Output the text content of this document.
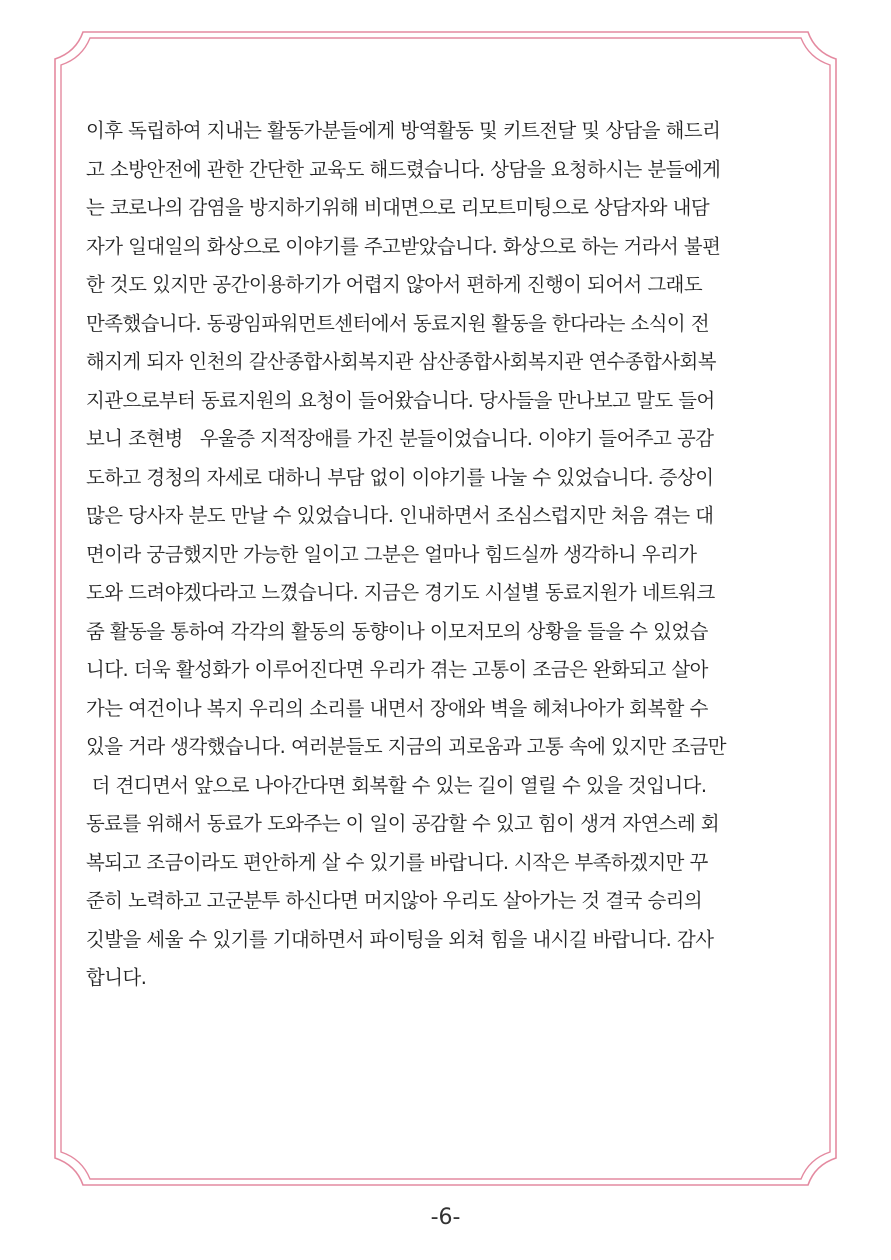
이후 독립하여 지내는 활동가분들에게 방역활동 및 키트전달 및 상담을 해드리
고 소방안전에 관한 간단한 교육도 해드렸습니다. 상담을 요청하시는 분들에게
는 코로나의 감염을 방지하기위해 비대면으로 리모트미팅으로 상담자와 내담
자가 일대일의 화상으로 이야기를 주고받았습니다. 화상으로 하는 거라서 불편
한 것도 있지만 공간이용하기가 어렵지 않아서 편하게 진행이 되어서 그래도
만족했습니다. 동광임파워먼트센터에서 동료지원 활동을 한다라는 소식이 전
해지게 되자 인천의 갈산종합사회복지관 삼산종합사회복지관 연수종합사회복
지관으로부터 동료지원의 요청이 들어왔습니다. 당사들을 만나보고 말도 들어
보니 조현병   우울증 지적장애를 가진 분들이었습니다. 이야기 들어주고 공감
도하고 경청의 자세로 대하니 부담 없이 이야기를 나눌 수 있었습니다. 증상이
많은 당사자 분도 만날 수 있었습니다. 인내하면서 조심스럽지만 처음 겪는 대
면이라 궁금했지만 가능한 일이고 그분은 얼마나 힘드실까 생각하니 우리가
도와 드려야겠다라고 느꼈습니다. 지금은 경기도 시설별 동료지원가 네트워크
줌 활동을 통하여 각각의 활동의 동향이나 이모저모의 상황을 들을 수 있었습
니다. 더욱 활성화가 이루어진다면 우리가 겪는 고통이 조금은 완화되고 살아
가는 여건이나 복지 우리의 소리를 내면서 장애와 벽을 헤쳐나아가 회복할 수
있을 거라 생각했습니다. 여러분들도 지금의 괴로움과 고통 속에 있지만 조금만
더 견디면서 앞으로 나아간다면 회복할 수 있는 길이 열릴 수 있을 것입니다.
동료를 위해서 동료가 도와주는 이 일이 공감할 수 있고 힘이 생겨 자연스레 회
복되고 조금이라도 편안하게 살 수 있기를 바랍니다. 시작은 부족하겠지만 꾸
준히 노력하고 고군분투 하신다면 머지않아 우리도 살아가는 것 결국 승리의
깃발을 세울 수 있기를 기대하면서 파이팅을 외쳐 힘을 내시길 바랍니다. 감사
합니다.
-6-
